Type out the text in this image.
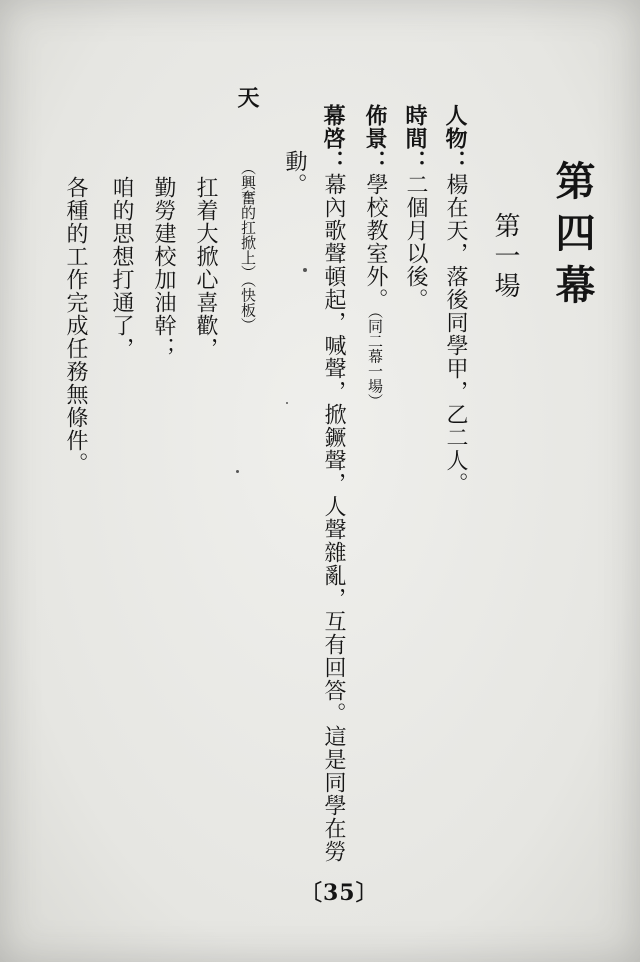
第四幕
第一場
人物：楊在天，落後同學甲，乙二人。
時間：二個月以後。
佈景：學校教室外。（同二幕一場）
幕啓：幕內歌聲頓起，喊聲，掀鐝聲，人聲雜亂，互有回答。這是同學在勞
動。
天
（興奮的扛掀上）（快板）
扛着大掀心喜歡，
勤勞建校加油幹；
咱的思想打通了，
各種的工作完成任務無條件。
〔35〕
